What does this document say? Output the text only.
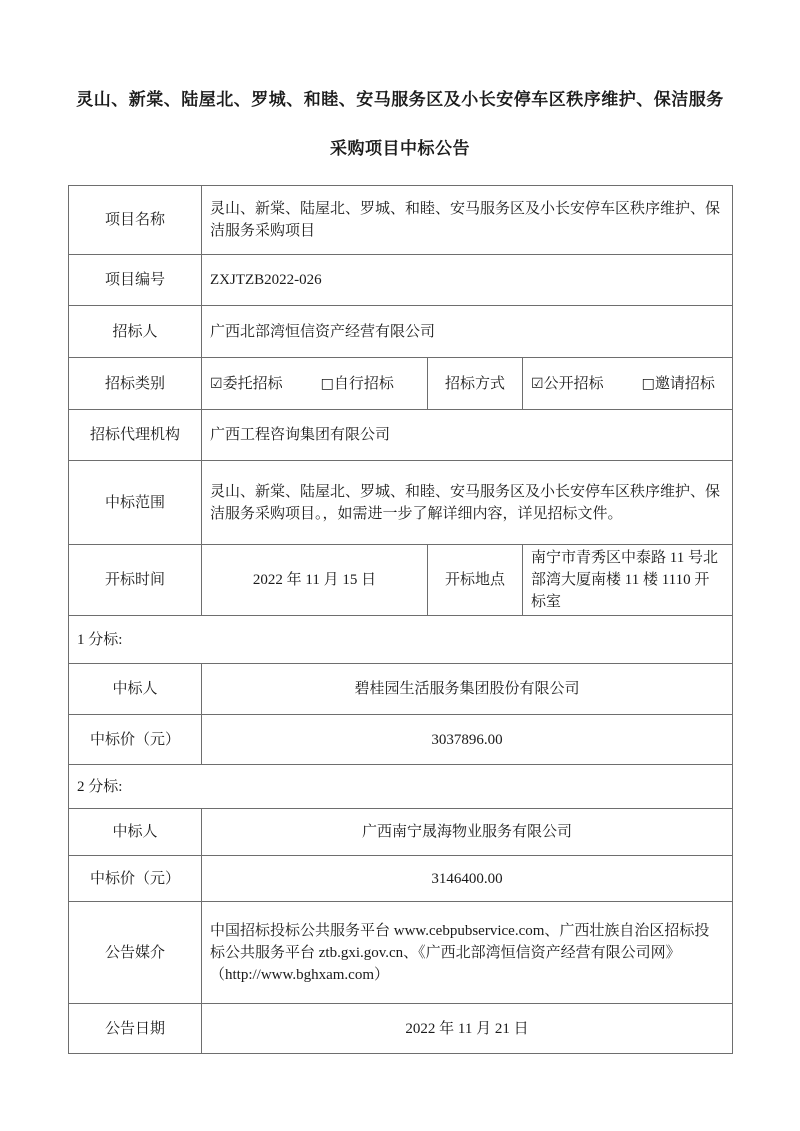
灵山、新棠、陆屋北、罗城、和睦、安马服务区及小长安停车区秩序维护、保洁服务采购项目中标公告
项目名称	灵山、新棠、陆屋北、罗城、和睦、安马服务区及小长安停车区秩序维护、保洁服务采购项目		
项目编号	ZXJTZB2022-026		
招标人	广西北部湾恒信资产经营有限公司		
招标类别	☑委托招标 □自行招标	招标方式	☑公开招标 □邀请招标
招标代理机构	广西工程咨询集团有限公司		
中标范围	灵山、新棠、陆屋北、罗城、和睦、安马服务区及小长安停车区秩序维护、保洁服务采购项目。，如需进一步了解详细内容，详见招标文件。		
开标时间	2022 年 11 月 15 日	开标地点	南宁市青秀区中泰路 11 号北部湾大厦南楼 11 楼 1110 开标室
1 分标:			
中标人	碧桂园生活服务集团股份有限公司		
中标价（元）	3037896.00		
2 分标:			
中标人	广西南宁晟海物业服务有限公司		
中标价（元）	3146400.00		
公告媒介	中国招标投标公共服务平台 www.cebpubservice.com、广西壮族自治区招标投标公共服务平台 ztb.gxi.gov.cn、《广西北部湾恒信资产经营有限公司网》（http://www.bghxam.com）		
公告日期	2022 年 11 月 21 日		
